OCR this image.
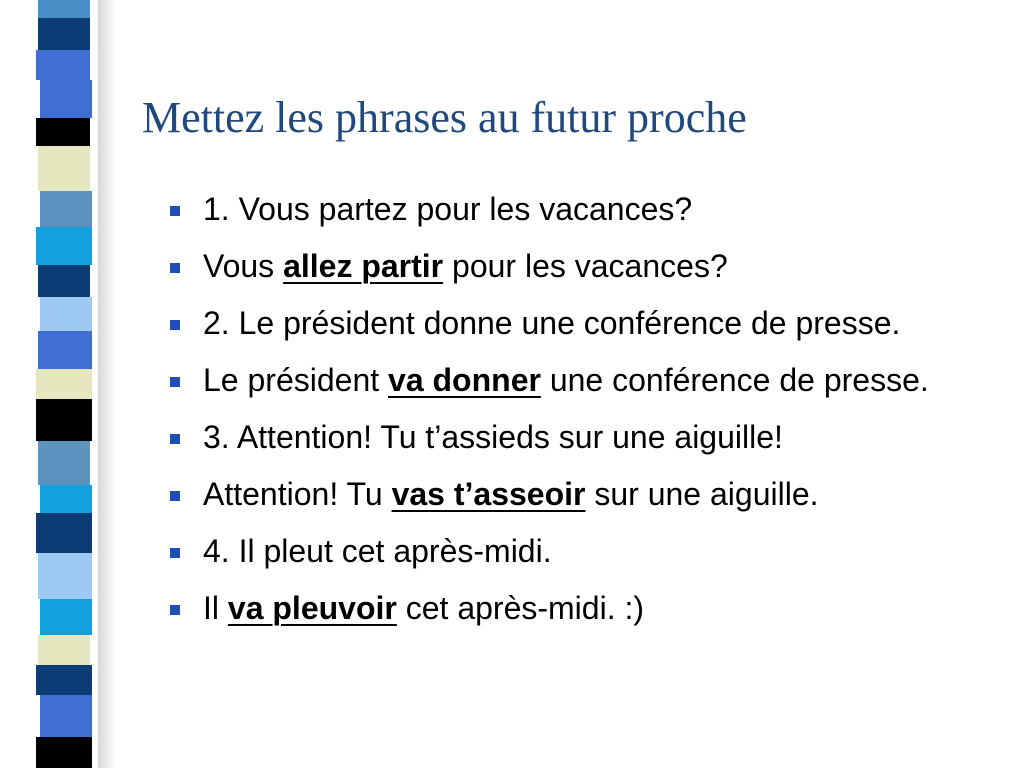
Mettez les phrases au futur proche
1. Vous partez pour les vacances?
Vous allez partir pour les vacances?
2. Le président donne une conférence de presse.
Le président va donner une conférence de presse.
3. Attention! Tu t’assieds sur une aiguille!
Attention! Tu vas t’asseoir sur une aiguille.
4. Il pleut cet après-midi.
Il va pleuvoir cet après-midi. :)
